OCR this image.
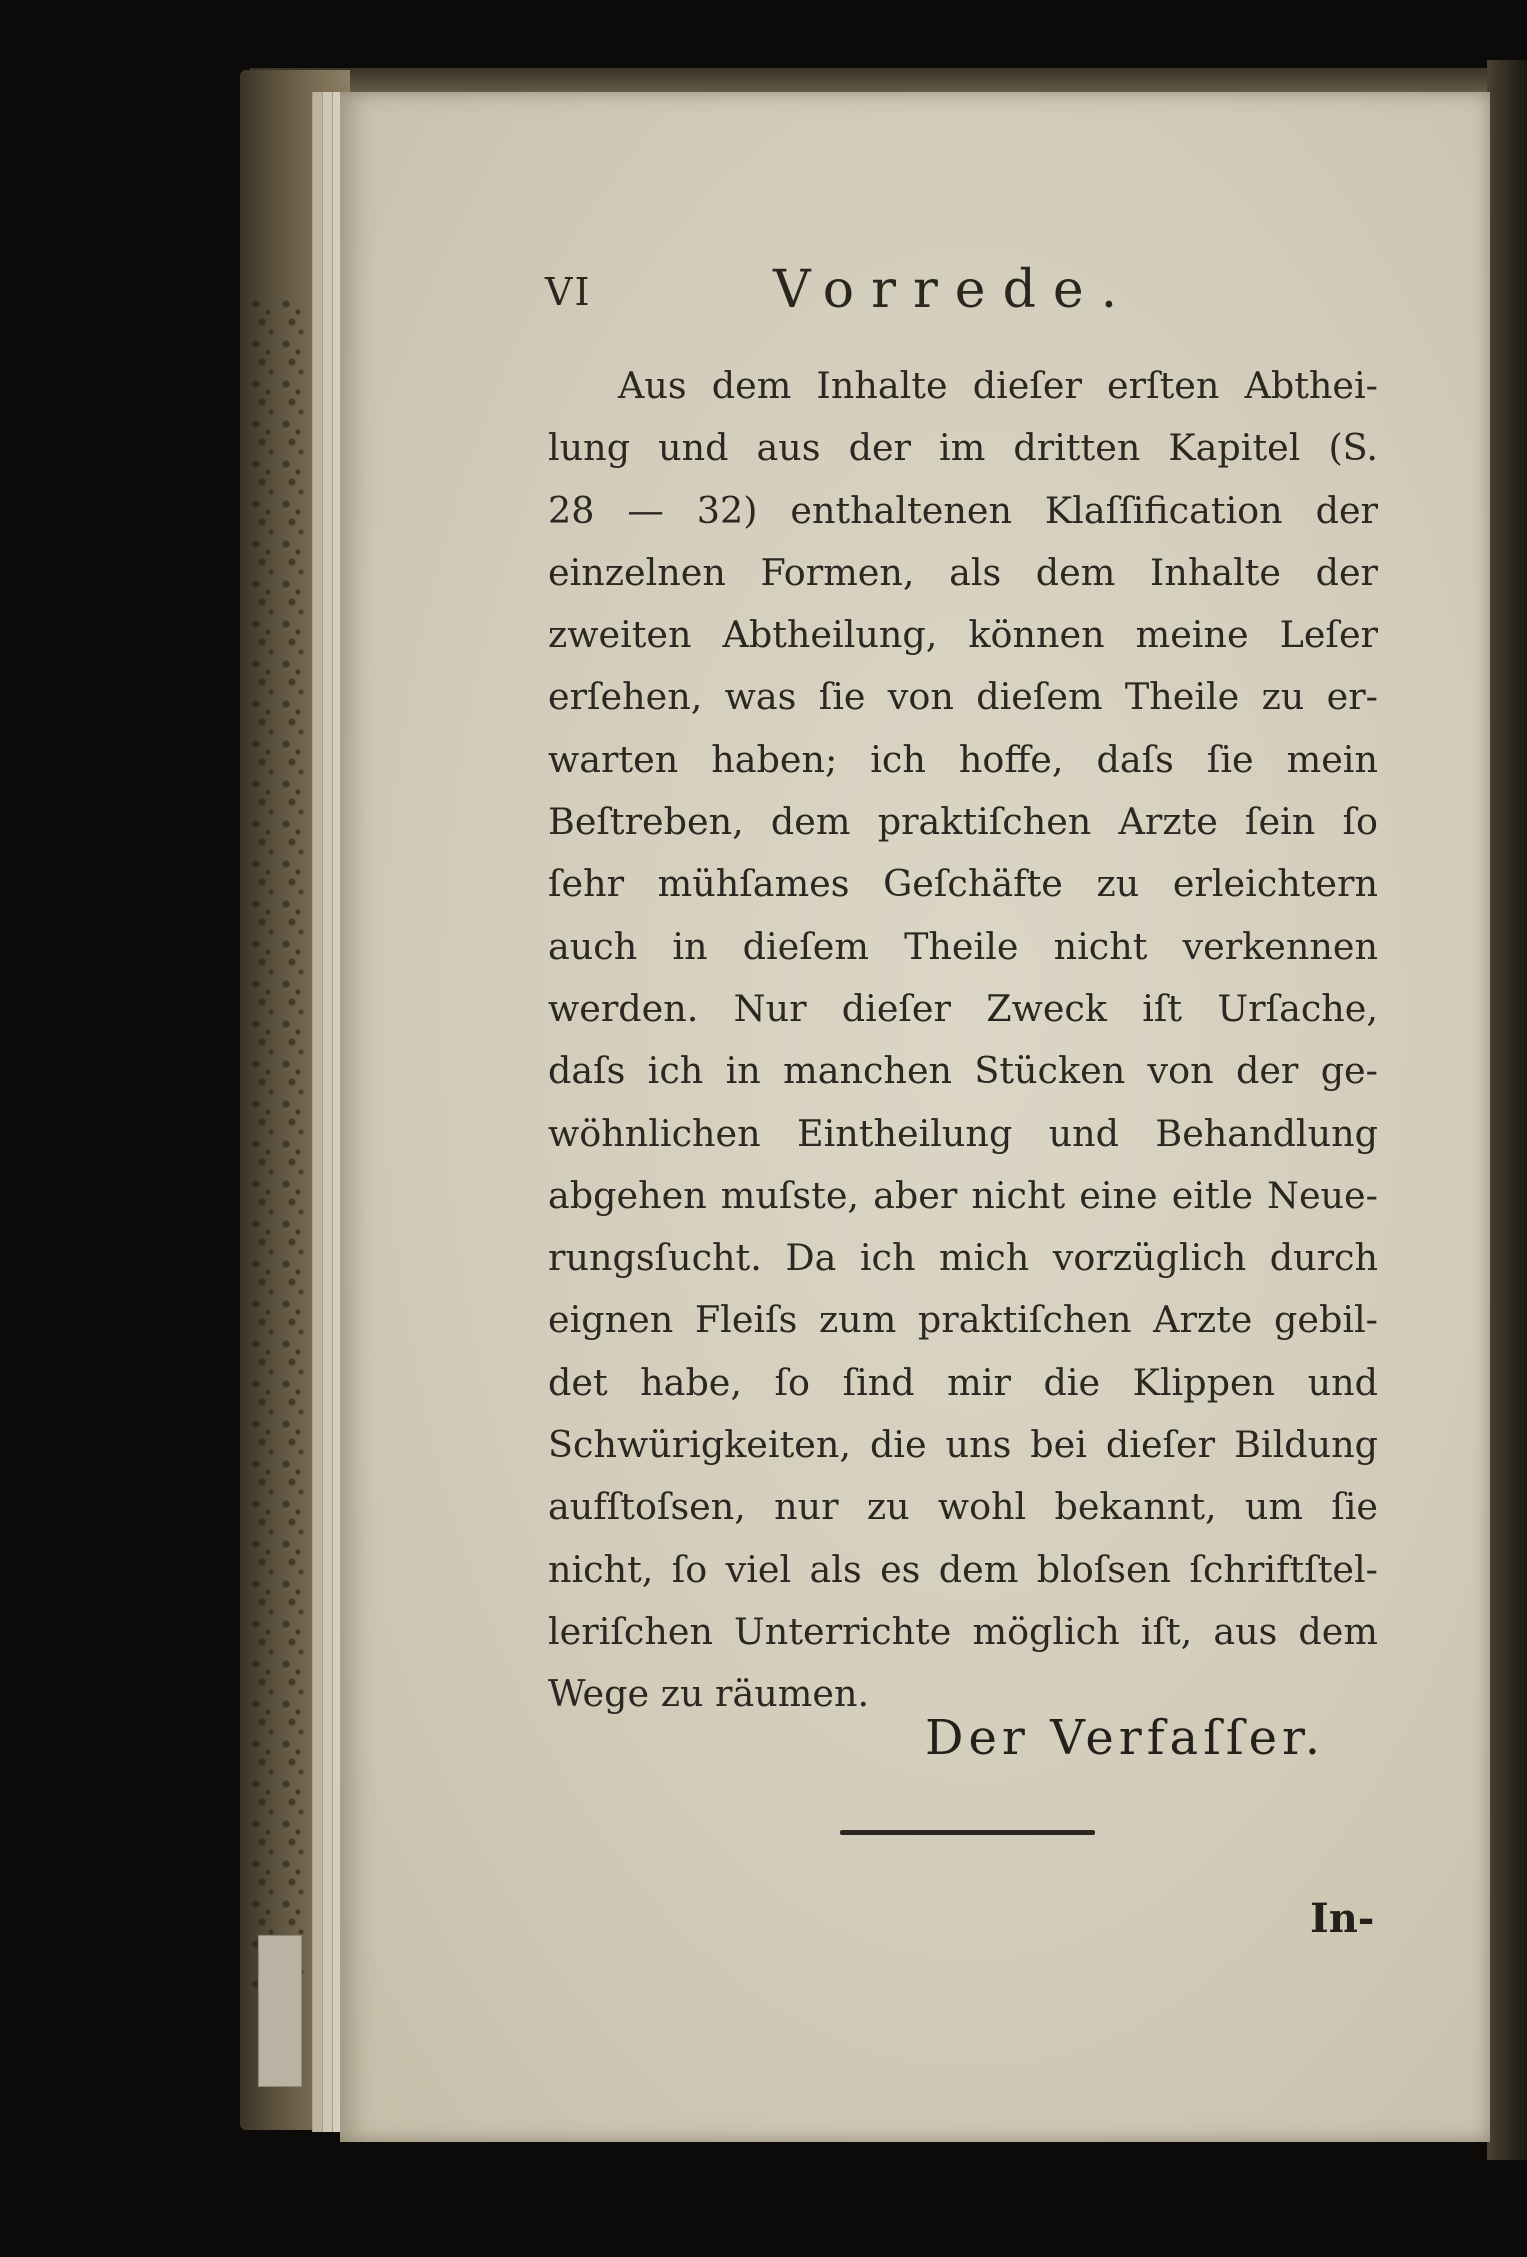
VI	Vorrede.
Aus dem Inhalte dieſer erſten Abthei-
lung und aus der im dritten Kapitel (S.
28 — 32) enthaltenen Klaſſification der
einzelnen Formen, als dem Inhalte der
zweiten Abtheilung, können meine Leſer
erſehen, was ſie von dieſem Theile zu er-
warten haben; ich hoffe, daſs ſie mein
Beſtreben, dem praktiſchen Arzte ſein ſo
ſehr mühſames Geſchäfte zu erleichtern
auch in dieſem Theile nicht verkennen
werden. Nur dieſer Zweck iſt Urſache,
daſs ich in manchen Stücken von der ge-
wöhnlichen Eintheilung und Behandlung
abgehen muſste, aber nicht eine eitle Neue-
rungsſucht. Da ich mich vorzüglich durch
eignen Fleiſs zum praktiſchen Arzte gebil-
det habe, ſo ſind mir die Klippen und
Schwürigkeiten, die uns bei dieſer Bildung
aufſtoſsen, nur zu wohl bekannt, um ſie
nicht, ſo viel als es dem bloſsen ſchriftſtel-
leriſchen Unterrichte möglich iſt, aus dem
Wege zu räumen.
Der Verfaſſer.
In-
